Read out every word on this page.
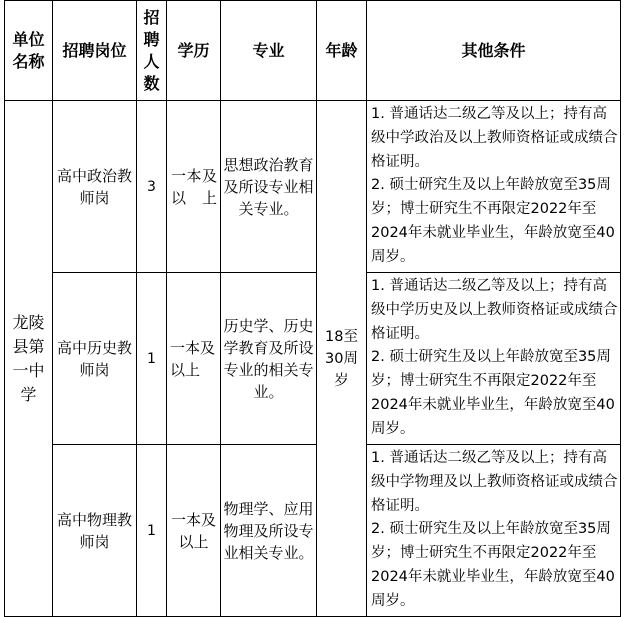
单位名称	招聘岗位	招聘人数	学历	专业	年龄	其他条件
龙陵县第一中学	高中政治教师岗	3	一本及以上	思想政治教育及所设专业相关专业。	18至30周岁	1. 普通话达二级乙等及以上；持有高级中学政治及以上教师资格证或成绩合格证明。
2. 硕士研究生及以上年龄放宽至35周岁；博士研究生不再限定2022年至2024年未就业毕业生，年龄放宽至40周岁。

	高中历史教师岗	1	一本及以上	历史学、历史学教育及所设专业的相关专业。		1. 普通话达二级乙等及以上；持有高级中学历史及以上教师资格证或成绩合格证明。
2. 硕士研究生及以上年龄放宽至35周岁；博士研究生不再限定2022年至2024年未就业毕业生，年龄放宽至40周岁。

	高中物理教师岗	1	一本及以上	物理学、应用物理及所设专业相关专业。		1. 普通话达二级乙等及以上；持有高级中学物理及以上教师资格证或成绩合格证明。
2. 硕士研究生及以上年龄放宽至35周岁；博士研究生不再限定2022年至2024年未就业毕业生，年龄放宽至40周岁。
